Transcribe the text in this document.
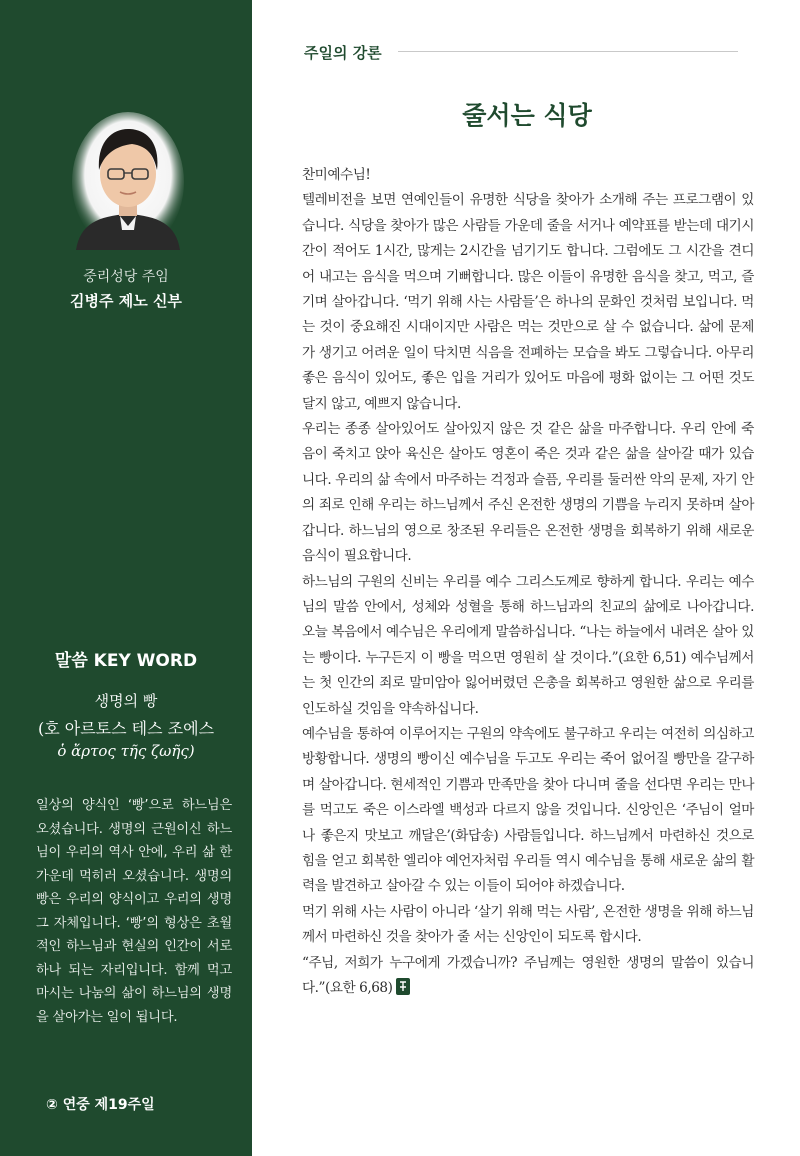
중리성당 주임
김병주 제노 신부
말씀 KEY WORD
생명의 빵
(호 아르토스 테스 조에스
ὁ ἄρτος τῆς ζωῆς)
일상의 양식인 ‘빵’으로 하느님은 오셨습니다. 생명의 근원이신 하느님이 우리의 역사 안에, 우리 삶 한가운데 먹히러 오셨습니다. 생명의 빵은 우리의 양식이고 우리의 생명 그 자체입니다. ‘빵’의 형상은 초월적인 하느님과 현실의 인간이 서로 하나 되는 자리입니다. 함께 먹고 마시는 나눔의 삶이 하느님의 생명을 살아가는 일이 됩니다.
② 연중 제19주일
주일의 강론
줄서는 식당

찬미예수님!

텔레비전을 보면 연예인들이 유명한 식당을 찾아가 소개해 주는 프로그램이 있습니다. 식당을 찾아가 많은 사람들 가운데 줄을 서거나 예약표를 받는데 대기시간이 적어도 1시간, 많게는 2시간을 넘기기도 합니다. 그럼에도 그 시간을 견디어 내고는 음식을 먹으며 기뻐합니다. 많은 이들이 유명한 음식을 찾고, 먹고, 즐기며 살아갑니다. ‘먹기 위해 사는 사람들’은 하나의 문화인 것처럼 보입니다. 먹는 것이 중요해진 시대이지만 사람은 먹는 것만으로 살 수 없습니다. 삶에 문제가 생기고 어려운 일이 닥치면 식음을 전폐하는 모습을 봐도 그렇습니다. 아무리 좋은 음식이 있어도, 좋은 입을 거리가 있어도 마음에 평화 없이는 그 어떤 것도 달지 않고, 예쁘지 않습니다.

우리는 종종 살아있어도 살아있지 않은 것 같은 삶을 마주합니다. 우리 안에 죽음이 죽치고 앉아 육신은 살아도 영혼이 죽은 것과 같은 삶을 살아갈 때가 있습니다. 우리의 삶 속에서 마주하는 걱정과 슬픔, 우리를 둘러싼 악의 문제, 자기 안의 죄로 인해 우리는 하느님께서 주신 온전한 생명의 기쁨을 누리지 못하며 살아갑니다. 하느님의 영으로 창조된 우리들은 온전한 생명을 회복하기 위해 새로운 음식이 필요합니다.

하느님의 구원의 신비는 우리를 예수 그리스도께로 향하게 합니다. 우리는 예수님의 말씀 안에서, 성체와 성혈을 통해 하느님과의 친교의 삶에로 나아갑니다. 오늘 복음에서 예수님은 우리에게 말씀하십니다. “나는 하늘에서 내려온 살아 있는 빵이다. 누구든지 이 빵을 먹으면 영원히 살 것이다.”(요한 6,51) 예수님께서는 첫 인간의 죄로 말미암아 잃어버렸던 은총을 회복하고 영원한 삶으로 우리를 인도하실 것임을 약속하십니다.

예수님을 통하여 이루어지는 구원의 약속에도 불구하고 우리는 여전히 의심하고 방황합니다. 생명의 빵이신 예수님을 두고도 우리는 죽어 없어질 빵만을 갈구하며 살아갑니다. 현세적인 기쁨과 만족만을 찾아 다니며 줄을 선다면 우리는 만나를 먹고도 죽은 이스라엘 백성과 다르지 않을 것입니다. 신앙인은 ‘주님이 얼마나 좋은지 맛보고 깨달은’(화답송) 사람들입니다. 하느님께서 마련하신 것으로 힘을 얻고 회복한 엘리야 예언자처럼 우리들 역시 예수님을 통해 새로운 삶의 활력을 발견하고 살아갈 수 있는 이들이 되어야 하겠습니다.

먹기 위해 사는 사람이 아니라 ‘살기 위해 먹는 사람’, 온전한 생명을 위해 하느님께서 마련하신 것을 찾아가 줄 서는 신앙인이 되도록 합시다.

“주님, 저희가 누구에게 가겠습니까? 주님께는 영원한 생명의 말씀이 있습니다.”(요한 6,68)
